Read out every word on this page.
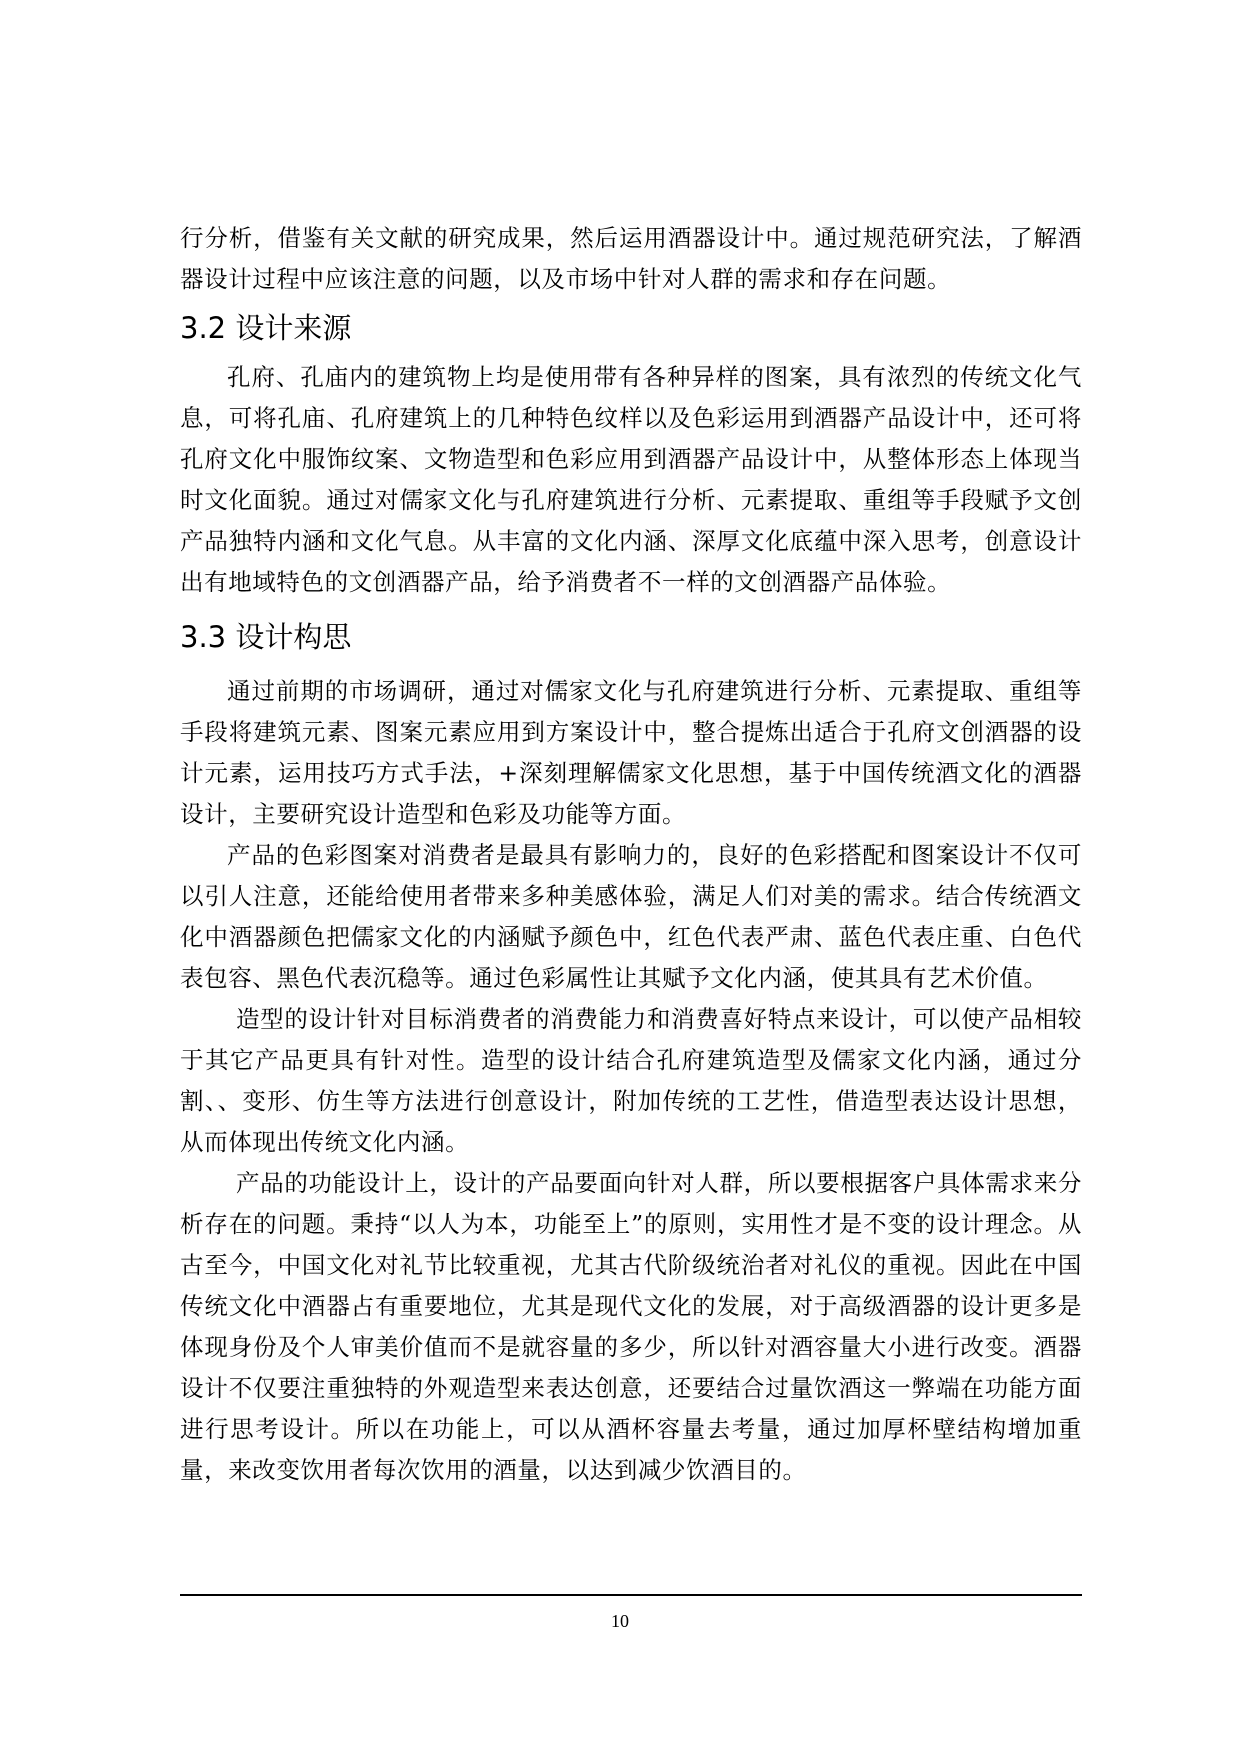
行分析，借鉴有关文献的研究成果，然后运用酒器设计中。通过规范研究法，了解酒器设计过程中应该注意的问题，以及市场中针对人群的需求和存在问题。

3.2 设计来源

孔府、孔庙内的建筑物上均是使用带有各种异样的图案，具有浓烈的传统文化气息，可将孔庙、孔府建筑上的几种特色纹样以及色彩运用到酒器产品设计中，还可将孔府文化中服饰纹案、文物造型和色彩应用到酒器产品设计中，从整体形态上体现当时文化面貌。通过对儒家文化与孔府建筑进行分析、元素提取、重组等手段赋予文创产品独特内涵和文化气息。从丰富的文化内涵、深厚文化底蕴中深入思考，创意设计出有地域特色的文创酒器产品，给予消费者不一样的文创酒器产品体验。

3.3 设计构思

通过前期的市场调研，通过对儒家文化与孔府建筑进行分析、元素提取、重组等手段将建筑元素、图案元素应用到方案设计中，整合提炼出适合于孔府文创酒器的设计元素，运用技巧方式手法，+深刻理解儒家文化思想，基于中国传统酒文化的酒器设计，主要研究设计造型和色彩及功能等方面。

产品的色彩图案对消费者是最具有影响力的，良好的色彩搭配和图案设计不仅可以引人注意，还能给使用者带来多种美感体验，满足人们对美的需求。结合传统酒文化中酒器颜色把儒家文化的内涵赋予颜色中，红色代表严肃、蓝色代表庄重、白色代表包容、黑色代表沉稳等。通过色彩属性让其赋予文化内涵，使其具有艺术价值。

造型的设计针对目标消费者的消费能力和消费喜好特点来设计，可以使产品相较于其它产品更具有针对性。造型的设计结合孔府建筑造型及儒家文化内涵，通过分割、、变形、仿生等方法进行创意设计，附加传统的工艺性，借造型表达设计思想，从而体现出传统文化内涵。

产品的功能设计上，设计的产品要面向针对人群，所以要根据客户具体需求来分析存在的问题。秉持“以人为本，功能至上”的原则，实用性才是不变的设计理念。从古至今，中国文化对礼节比较重视，尤其古代阶级统治者对礼仪的重视。因此在中国传统文化中酒器占有重要地位，尤其是现代文化的发展，对于高级酒器的设计更多是体现身份及个人审美价值而不是就容量的多少，所以针对酒容量大小进行改变。酒器设计不仅要注重独特的外观造型来表达创意，还要结合过量饮酒这一弊端在功能方面进行思考设计。所以在功能上，可以从酒杯容量去考量，通过加厚杯壁结构增加重量，来改变饮用者每次饮用的酒量，以达到减少饮酒目的。

10
